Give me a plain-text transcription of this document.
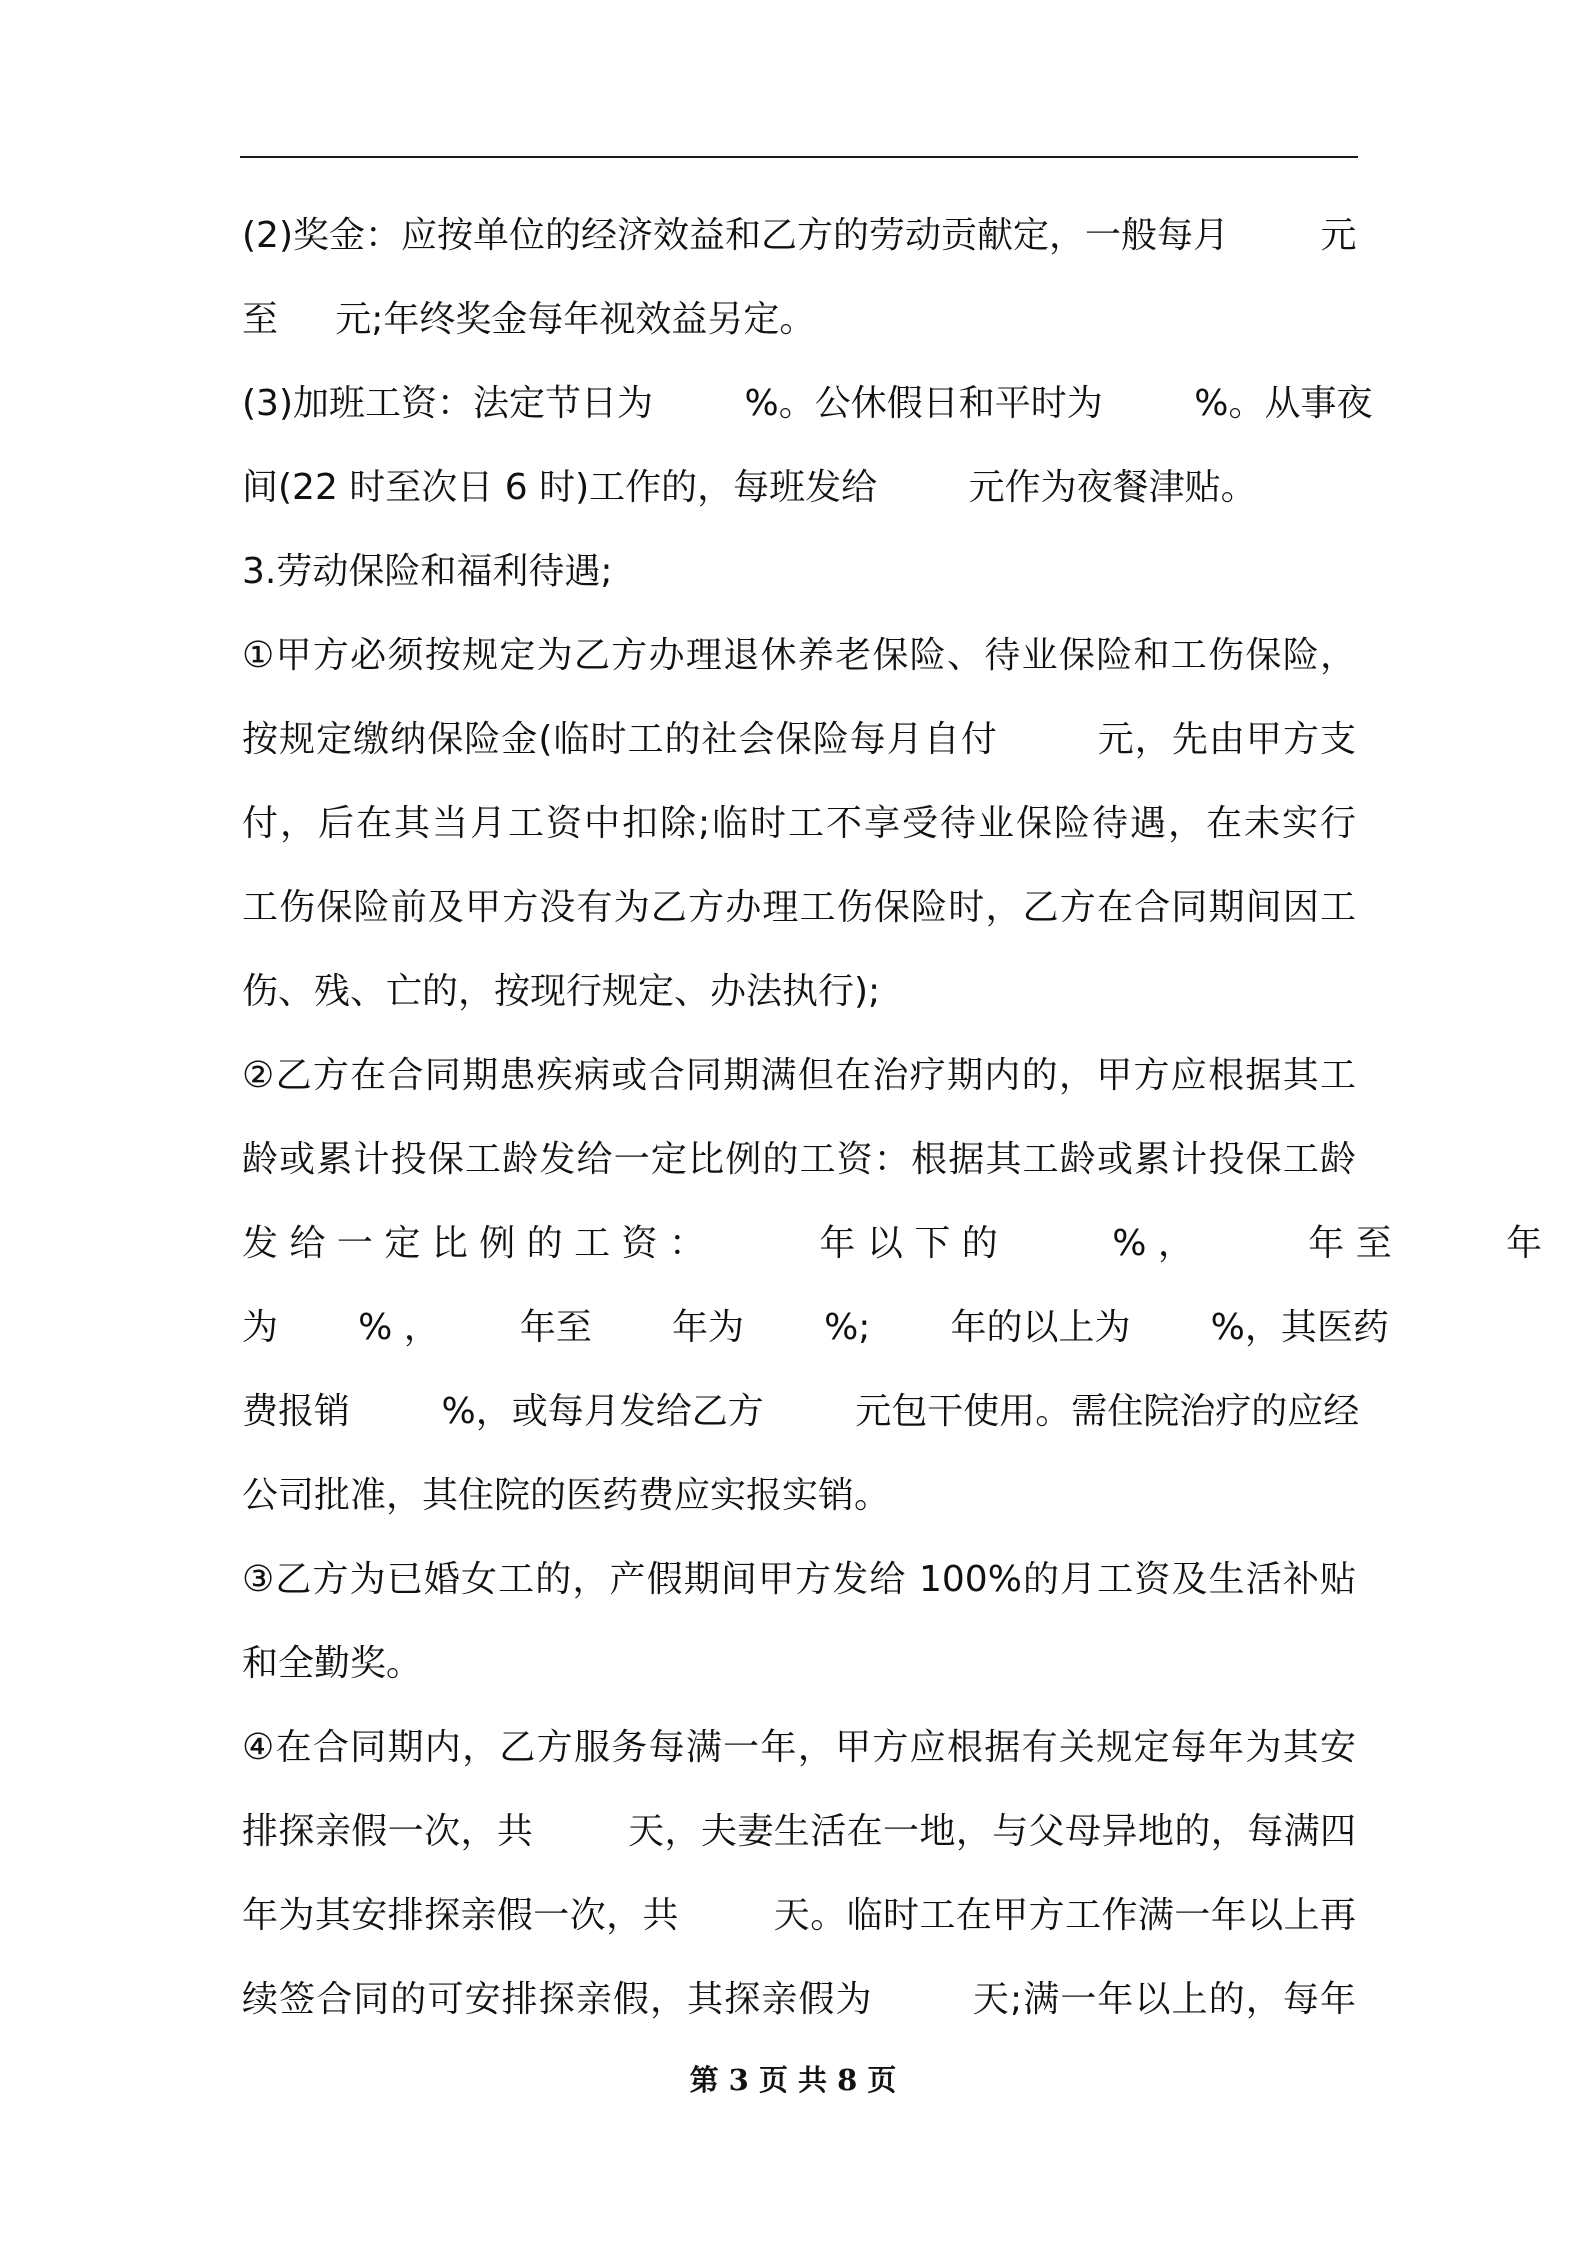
(2)奖金：应按单位的经济效益和乙方的劳动贡献定，一般每月        元
至     元;年终奖金每年视效益另定。
(3)加班工资：法定节日为        %。公休假日和平时为        %。从事夜
间(22 时至次日 6 时)工作的，每班发给        元作为夜餐津贴。
3.劳动保险和福利待遇;
①甲方必须按规定为乙方办理退休养老保险、待业保险和工伤保险，
按规定缴纳保险金(临时工的社会保险每月自付        元，先由甲方支
付，后在其当月工资中扣除;临时工不享受待业保险待遇，在未实行
工伤保险前及甲方没有为乙方办理工伤保险时，乙方在合同期间因工
伤、残、亡的，按现行规定、办法执行);
②乙方在合同期患疾病或合同期满但在治疗期内的，甲方应根据其工
龄或累计投保工龄发给一定比例的工资：根据其工龄或累计投保工龄
发 给 一 定 比 例 的 工 资 ：          年 以 下 的          % ，          年 至          年
为       % ，       年至       年为       %;       年的以上为       %，其医药
费报销        %，或每月发给乙方        元包干使用。需住院治疗的应经
公司批准，其住院的医药费应实报实销。
③乙方为已婚女工的，产假期间甲方发给 100%的月工资及生活补贴
和全勤奖。
④在合同期内，乙方服务每满一年，甲方应根据有关规定每年为其安
排探亲假一次，共        天，夫妻生活在一地，与父母异地的，每满四
年为其安排探亲假一次，共        天。临时工在甲方工作满一年以上再
续签合同的可安排探亲假，其探亲假为        天;满一年以上的，每年
第 3 页 共 8 页
